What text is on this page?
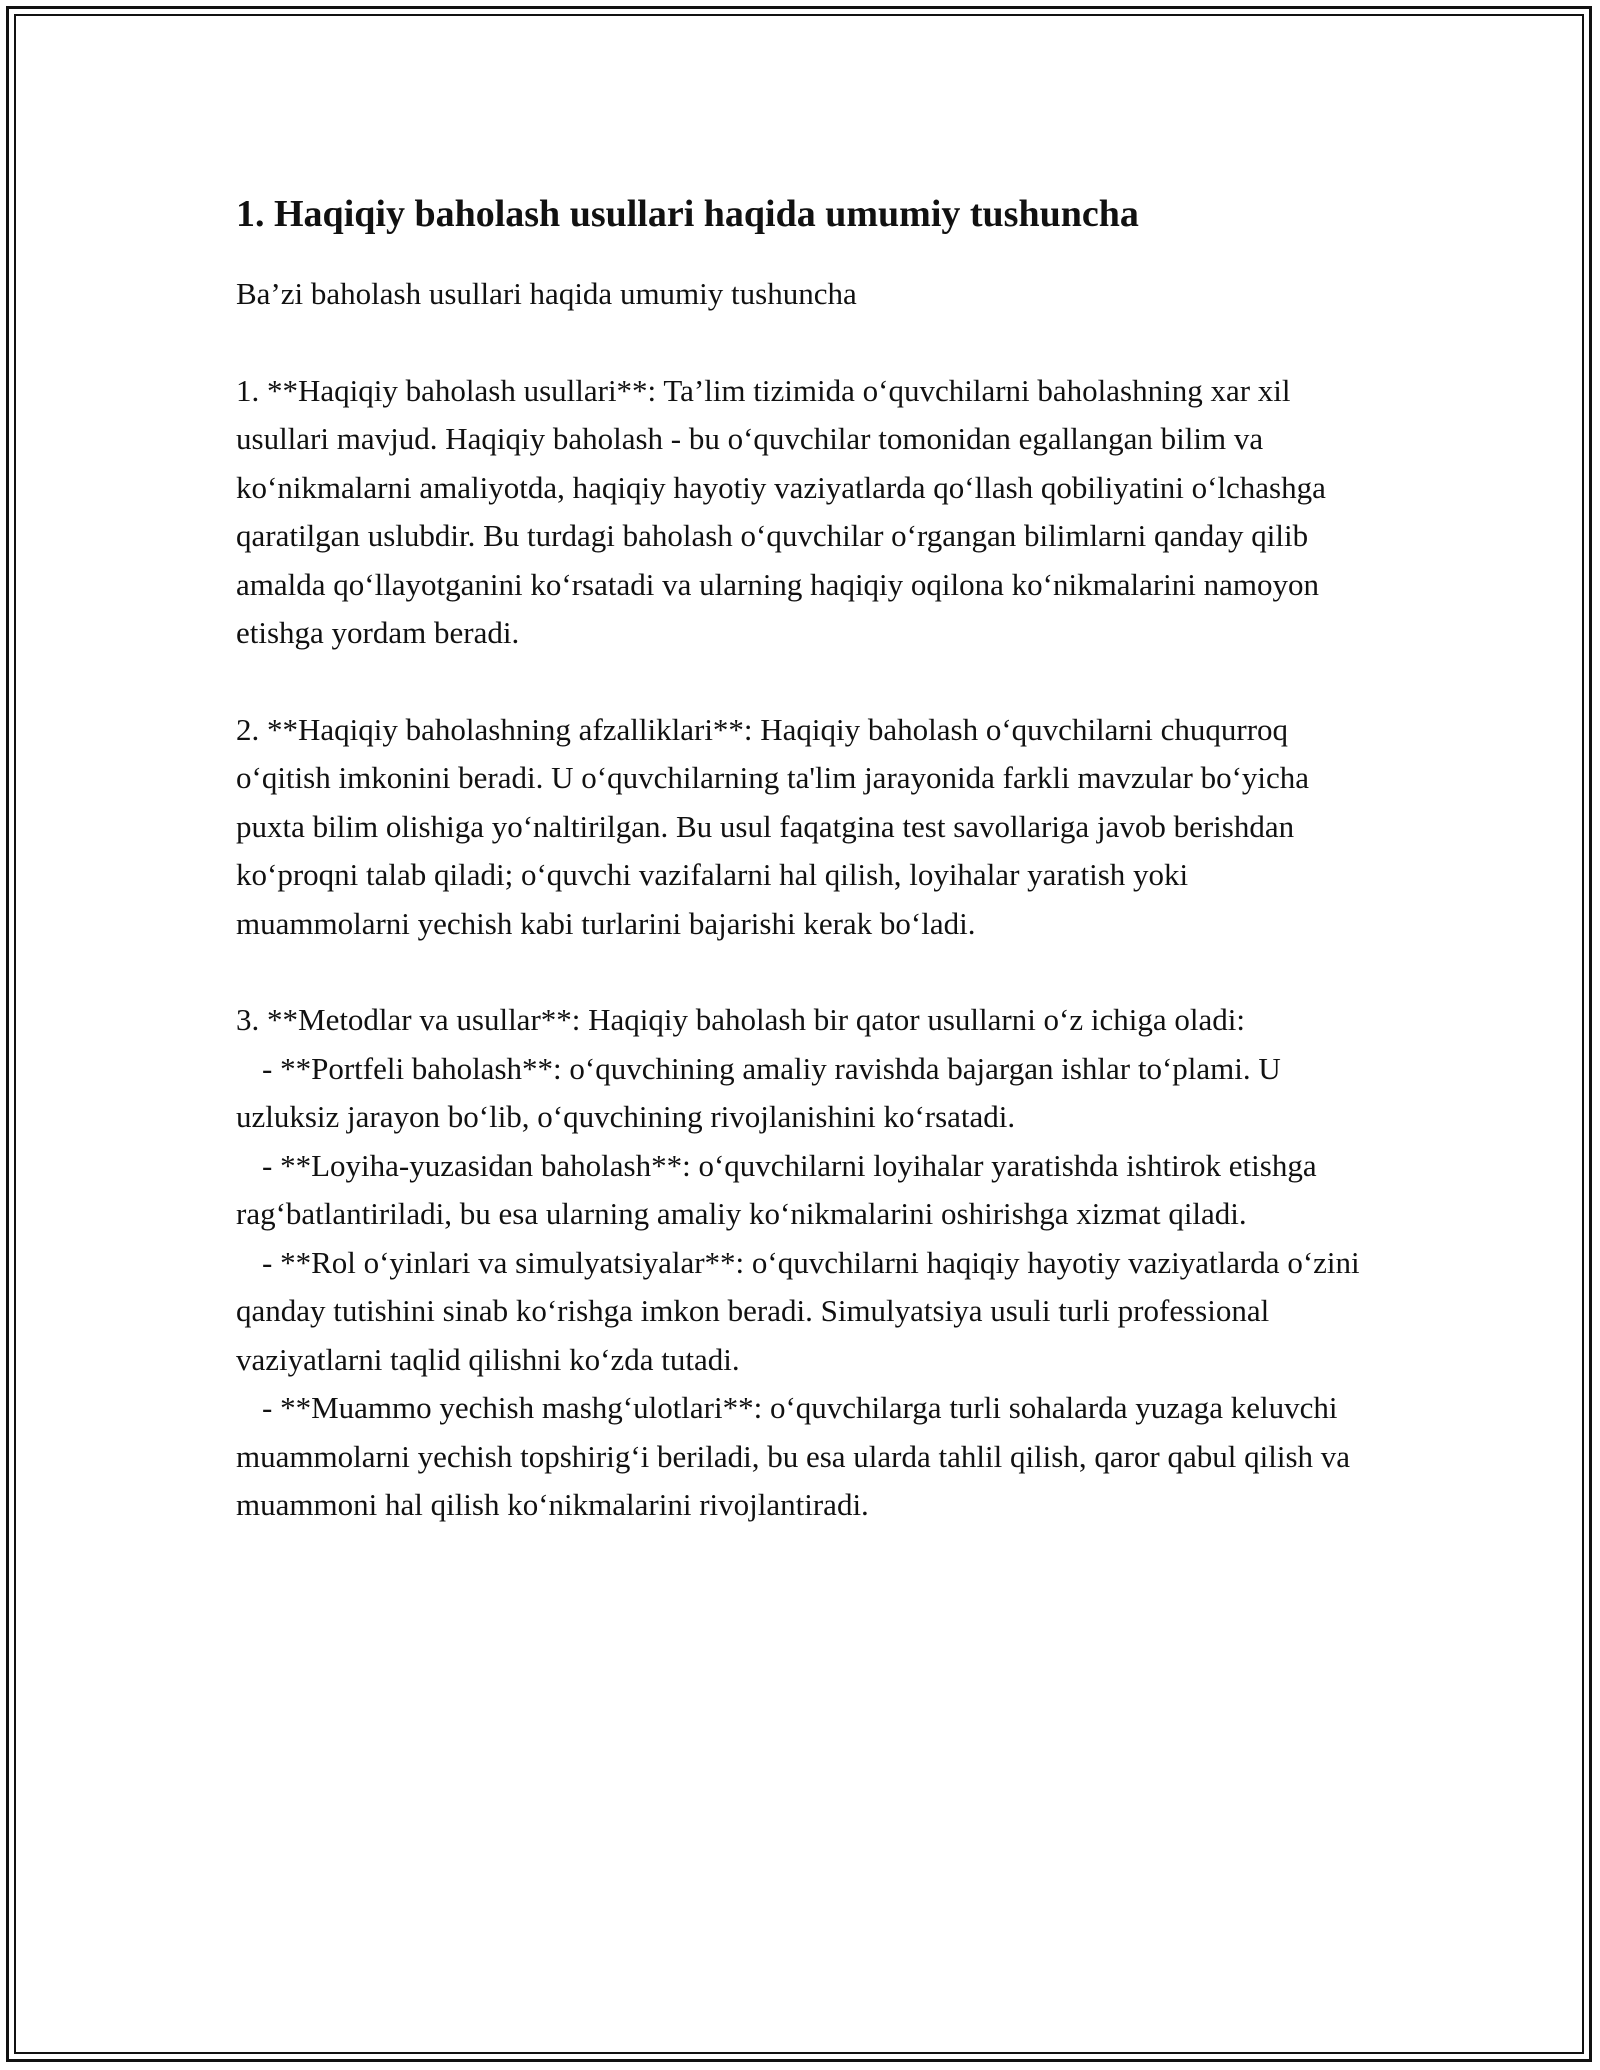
1. Haqiqiy baholash usullari haqida umumiy tushuncha

Ba’zi baholash usullari haqida umumiy tushuncha

1. **Haqiqiy baholash usullari**: Ta’lim tizimida o‘quvchilarni baholashning xar xil usullari mavjud. Haqiqiy baholash - bu o‘quvchilar tomonidan egallangan bilim va ko‘nikmalarni amaliyotda, haqiqiy hayotiy vaziyatlarda qo‘llash qobiliyatini o‘lchashga qaratilgan uslubdir. Bu turdagi baholash o‘quvchilar o‘rgangan bilimlarni qanday qilib amalda qo‘llayotganini ko‘rsatadi va ularning haqiqiy oqilona ko‘nikmalarini namoyon etishga yordam beradi.

2. **Haqiqiy baholashning afzalliklari**: Haqiqiy baholash o‘quvchilarni chuqurroq o‘qitish imkonini beradi. U o‘quvchilarning ta'lim jarayonida farkli mavzular bo‘yicha puxta bilim olishiga yo‘naltirilgan. Bu usul faqatgina test savollariga javob berishdan ko‘proqni talab qiladi; o‘quvchi vazifalarni hal qilish, loyihalar yaratish yoki muammolarni yechish kabi turlarini bajarishi kerak bo‘ladi.

3. **Metodlar va usullar**: Haqiqiy baholash bir qator usullarni o‘z ichiga oladi:

- **Portfeli baholash**: o‘quvchining amaliy ravishda bajargan ishlar to‘plami. U uzluksiz jarayon bo‘lib, o‘quvchining rivojlanishini ko‘rsatadi.
- **Loyiha-yuzasidan baholash**: o‘quvchilarni loyihalar yaratishda ishtirok etishga rag‘batlantiriladi, bu esa ularning amaliy ko‘nikmalarini oshirishga xizmat qiladi.
- **Rol o‘yinlari va simulyatsiyalar**: o‘quvchilarni haqiqiy hayotiy vaziyatlarda o‘zini qanday tutishini sinab ko‘rishga imkon beradi. Simulyatsiya usuli turli professional vaziyatlarni taqlid qilishni ko‘zda tutadi.
- **Muammo yechish mashg‘ulotlari**: o‘quvchilarga turli sohalarda yuzaga keluvchi muammolarni yechish topshirig‘i beriladi, bu esa ularda tahlil qilish, qaror qabul qilish va muammoni hal qilish ko‘nikmalarini rivojlantiradi.
